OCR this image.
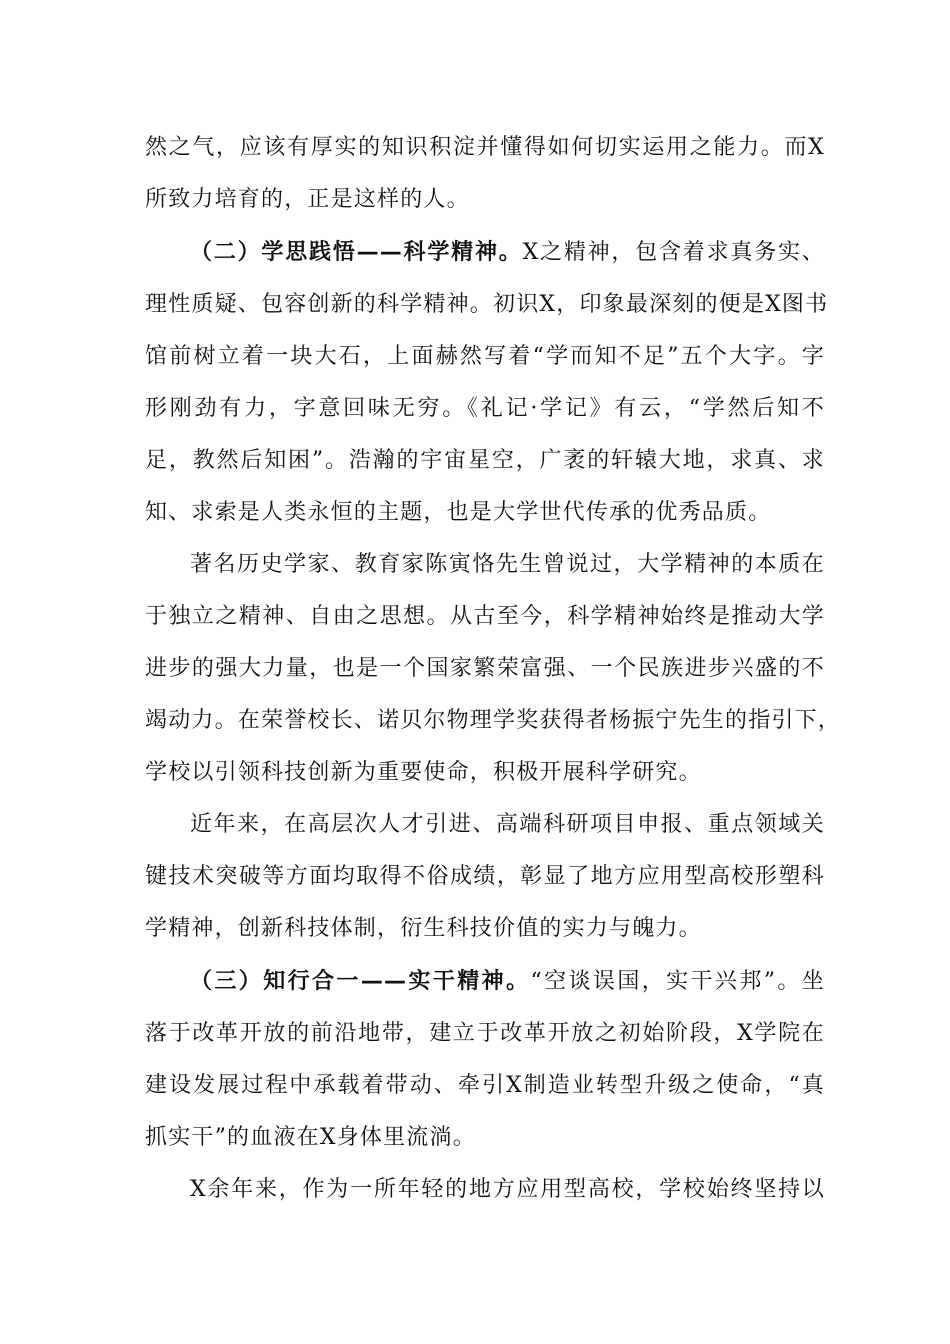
然之气，应该有厚实的知识积淀并懂得如何切实运用之能力。而X
所致力培育的，正是这样的人。
（二）学思践悟——科学精神。X之精神，包含着求真务实、
理性质疑、包容创新的科学精神。初识X，印象最深刻的便是X图书
馆前树立着一块大石，上面赫然写着“学而知不足”五个大字。字
形刚劲有力，字意回味无穷。《礼记·学记》有云，“学然后知不
足，教然后知困”。浩瀚的宇宙星空，广袤的轩辕大地，求真、求
知、求索是人类永恒的主题，也是大学世代传承的优秀品质。
著名历史学家、教育家陈寅恪先生曾说过，大学精神的本质在
于独立之精神、自由之思想。从古至今，科学精神始终是推动大学
进步的强大力量，也是一个国家繁荣富强、一个民族进步兴盛的不
竭动力。在荣誉校长、诺贝尔物理学奖获得者杨振宁先生的指引下，
学校以引领科技创新为重要使命，积极开展科学研究。
近年来，在高层次人才引进、高端科研项目申报、重点领域关
键技术突破等方面均取得不俗成绩，彰显了地方应用型高校形塑科
学精神，创新科技体制，衍生科技价值的实力与魄力。
（三）知行合一——实干精神。“空谈误国，实干兴邦”。坐
落于改革开放的前沿地带，建立于改革开放之初始阶段，X学院在
建设发展过程中承载着带动、牵引X制造业转型升级之使命，“真
抓实干”的血液在X身体里流淌。
X余年来，作为一所年轻的地方应用型高校，学校始终坚持以
